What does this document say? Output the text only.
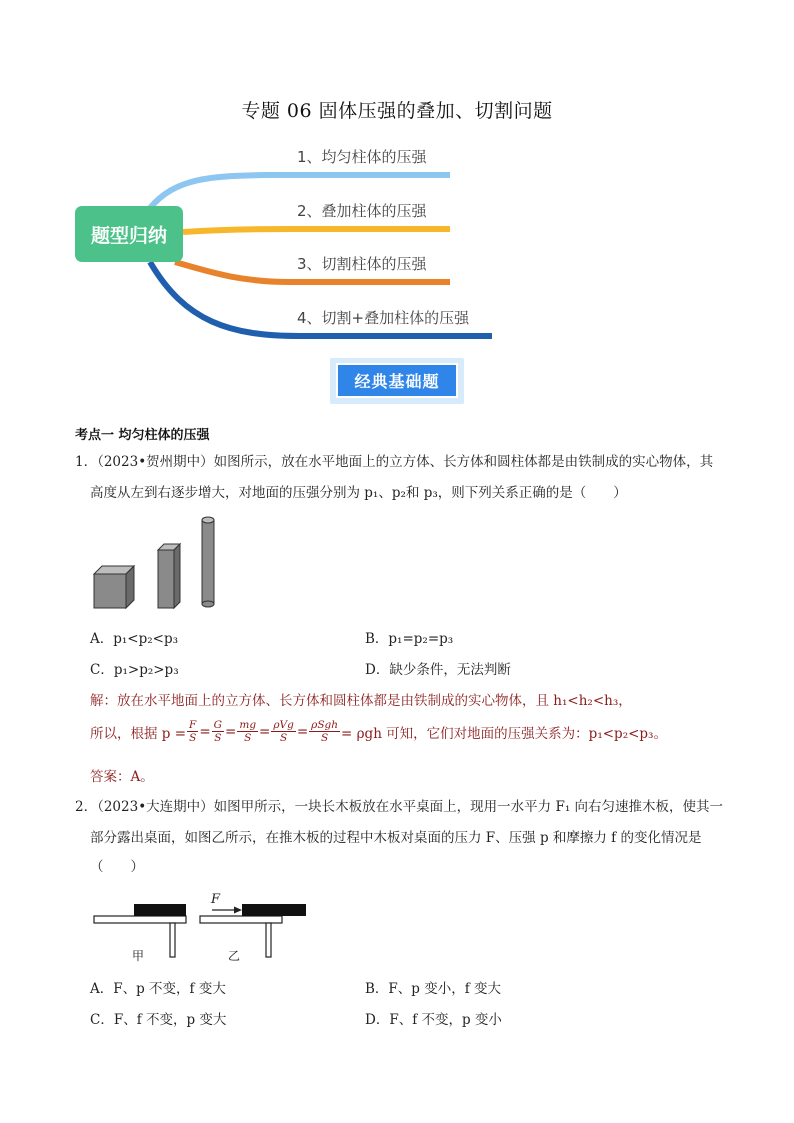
专题 06 固体压强的叠加、切割问题
题型归纳
1、均匀柱体的压强
2、叠加柱体的压强
3、切割柱体的压强
4、切割+叠加柱体的压强
经典基础题
考点一 均匀柱体的压强
1．（2023•贺州期中）如图所示，放在水平地面上的立方体、长方体和圆柱体都是由铁制成的实心物体，其
高度从左到右逐步增大，对地面的压强分别为 p₁、p₂和 p₃，则下列关系正确的是（　　）
A．p₁<p₂<p₃	B．p₁=p₂=p₃
C．p₁>p₂>p₃	D．缺少条件，无法判断
解：放在水平地面上的立方体、长方体和圆柱体都是由铁制成的实心物体，且 h₁<h₂<h₃，
所以，根据 $p = \frac{F}{S} = \frac{G}{S} = \frac{mg}{S} = \frac{\text{ρVg}}{S} = \frac{\text{ρSgh}}{S} = \rho gh$ 可知，它们对地面的压强关系为：p₁<p₂<p₃。
答案：A。
2．（2023•大连期中）如图甲所示，一块长木板放在水平桌面上，现用一水平力 F₁ 向右匀速推木板，使其一
部分露出桌面，如图乙所示，在推木板的过程中木板对桌面的压力 F、压强 p 和摩擦力 f 的变化情况是
（　　）
F
甲	乙
A．F、p 不变，f 变大	B．F、p 变小，f 变大
C．F、f 不变，p 变大	D．F、f 不变，p 变小
